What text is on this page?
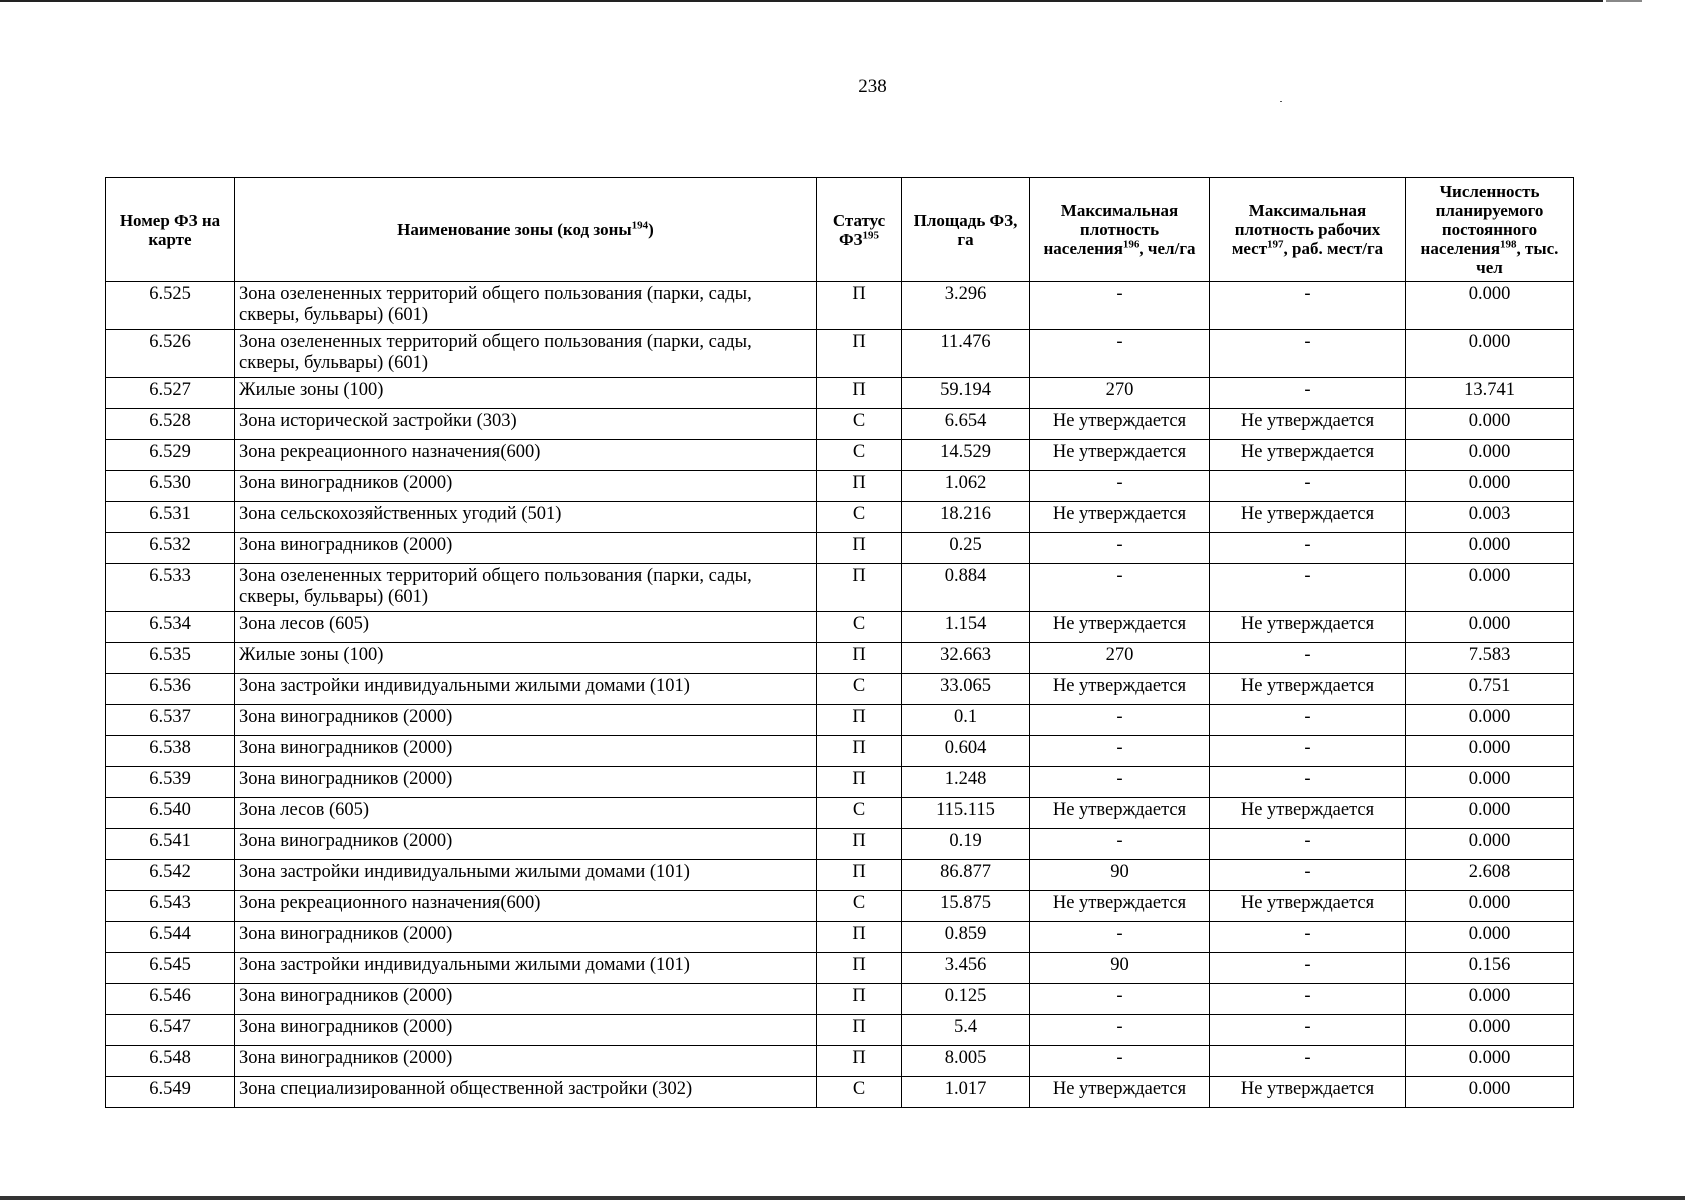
238
Номер ФЗ на карте	Наименование зоны (код зоны$^{194}$)	Статус ФЗ$^{195}$	Площадь ФЗ, га	Максимальная плотность населения$^{196}$, чел/га	Максимальная плотность рабочих мест$^{197}$, раб. мест/га	Численность планируемого постоянного населения$^{198}$, тыс. чел
6.525	Зона озелененных территорий общего пользования (парки, сады, скверы, бульвары) (601)	П	3.296	-	-	0.000
6.526	Зона озелененных территорий общего пользования (парки, сады, скверы, бульвары) (601)	П	11.476	-	-	0.000
6.527	Жилые зоны (100)	П	59.194	270	-	13.741
6.528	Зона исторической застройки (303)	С	6.654	Не утверждается	Не утверждается	0.000
6.529	Зона рекреационного назначения(600)	С	14.529	Не утверждается	Не утверждается	0.000
6.530	Зона виноградников (2000)	П	1.062	-	-	0.000
6.531	Зона сельскохозяйственных угодий (501)	С	18.216	Не утверждается	Не утверждается	0.003
6.532	Зона виноградников (2000)	П	0.25	-	-	0.000
6.533	Зона озелененных территорий общего пользования (парки, сады, скверы, бульвары) (601)	П	0.884	-	-	0.000
6.534	Зона лесов (605)	С	1.154	Не утверждается	Не утверждается	0.000
6.535	Жилые зоны (100)	П	32.663	270	-	7.583
6.536	Зона застройки индивидуальными жилыми домами (101)	С	33.065	Не утверждается	Не утверждается	0.751
6.537	Зона виноградников (2000)	П	0.1	-	-	0.000
6.538	Зона виноградников (2000)	П	0.604	-	-	0.000
6.539	Зона виноградников (2000)	П	1.248	-	-	0.000
6.540	Зона лесов (605)	С	115.115	Не утверждается	Не утверждается	0.000
6.541	Зона виноградников (2000)	П	0.19	-	-	0.000
6.542	Зона застройки индивидуальными жилыми домами (101)	П	86.877	90	-	2.608
6.543	Зона рекреационного назначения(600)	С	15.875	Не утверждается	Не утверждается	0.000
6.544	Зона виноградников (2000)	П	0.859	-	-	0.000
6.545	Зона застройки индивидуальными жилыми домами (101)	П	3.456	90	-	0.156
6.546	Зона виноградников (2000)	П	0.125	-	-	0.000
6.547	Зона виноградников (2000)	П	5.4	-	-	0.000
6.548	Зона виноградников (2000)	П	8.005	-	-	0.000
6.549	Зона специализированной общественной застройки (302)	С	1.017	Не утверждается	Не утверждается	0.000
